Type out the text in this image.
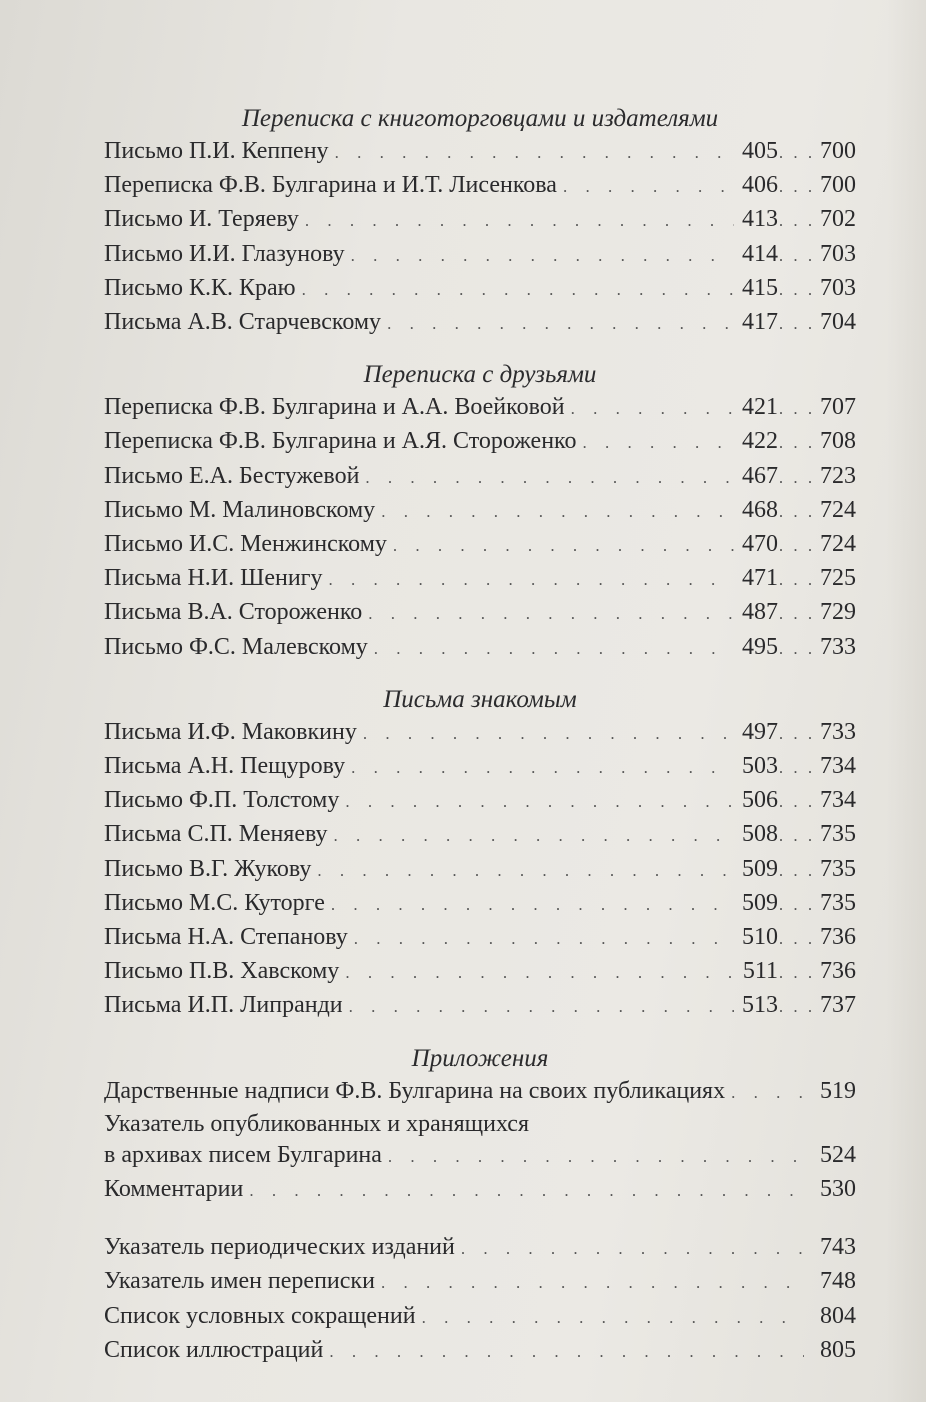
Переписка с книготорговцами и издателями
Письмо П.И. Кеппену . . .	405 . . . 700
Переписка Ф.В. Булгарина и И.Т. Лисенкова . . .	406 . . . 700
Письмо И. Теряеву . . .	413 . . . 702
Письмо И.И. Глазунову . . .	414 . . . 703
Письмо К.К. Краю . . .	415 . . . 703
Письма А.В. Старчевскому . . .	417 . . . 704
Переписка с друзьями
Переписка Ф.В. Булгарина и А.А. Воейковой . . .	421 . . . 707
Переписка Ф.В. Булгарина и А.Я. Стороженко . . .	422 . . . 708
Письмо Е.А. Бестужевой . . .	467 . . . 723
Письмо М. Малиновскому . . .	468 . . . 724
Письмо И.С. Менжинскому . . .	470 . . . 724
Письма Н.И. Шенигу . . .	471 . . . 725
Письма В.А. Стороженко . . .	487 . . . 729
Письмо Ф.С. Малевскому . . .	495 . . . 733
Письма знакомым
Письма И.Ф. Маковкину . . .	497 . . . 733
Письма А.Н. Пещурову . . .	503 . . . 734
Письмо Ф.П. Толстому . . .	506 . . . 734
Письма С.П. Меняеву . . .	508 . . . 735
Письмо В.Г. Жукову . . .	509 . . . 735
Письмо М.С. Куторге . . .	509 . . . 735
Письма Н.А. Степанову . . .	510 . . . 736
Письмо П.В. Хавскому . . .	511 . . . 736
Письма И.П. Липранди . . .	513 . . . 737
Приложения
Дарственные надписи Ф.В. Булгарина на своих публикациях . . .	519
Указатель опубликованных и хранящихся
в архивах писем Булгарина . . .	524
Комментарии . . .	530
Указатель периодических изданий . . .	743
Указатель имен переписки . . .	748
Список условных сокращений . . .	804
Список иллюстраций . . .	805
